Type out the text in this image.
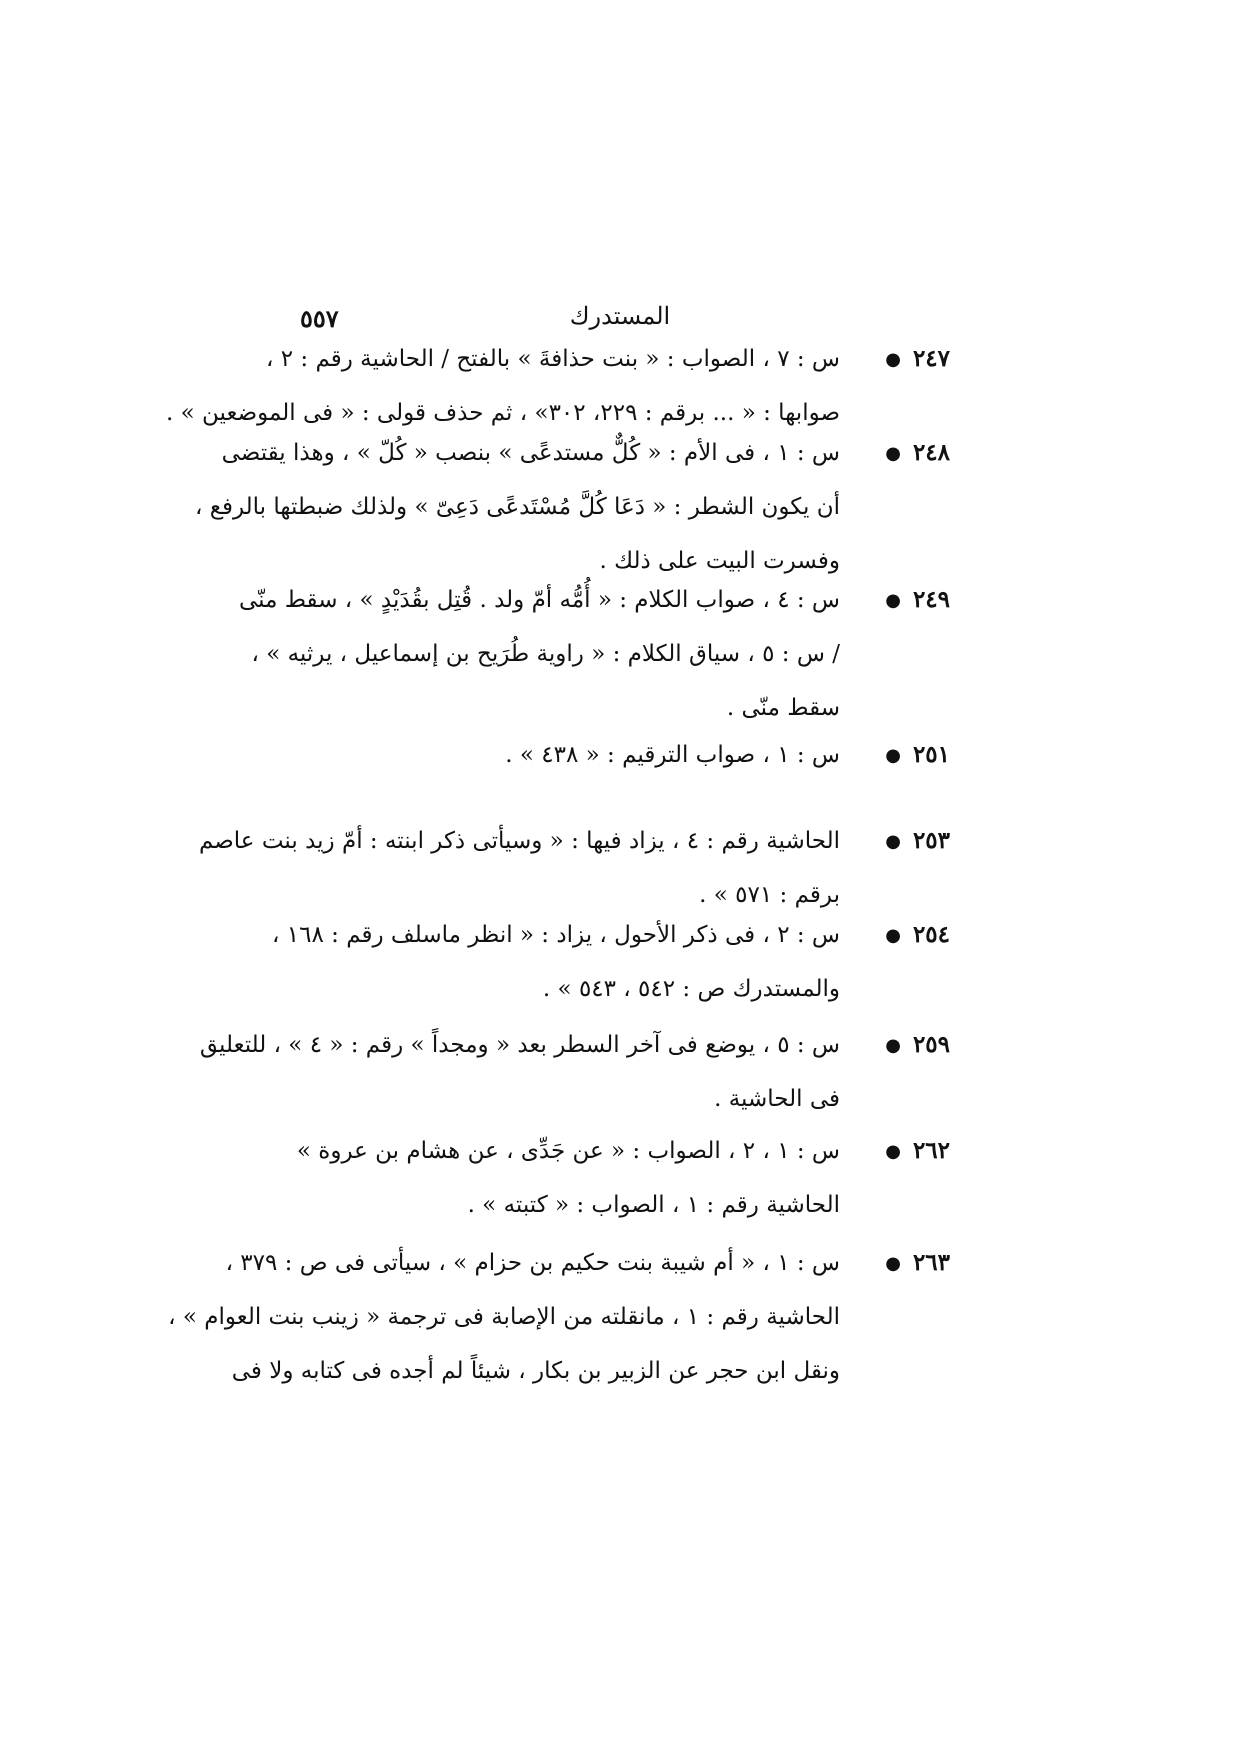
٥٥٧	المستدرك
٢٤٧●
س : ٧ ، الصواب : « بنت حذافةَ » بالفتح / الحاشية رقم : ٢ ،
صوابها : « ... برقم : ٢٢٩، ٣٠٢» ، ثم حذف قولى : « فى الموضعين » .
٢٤٨●
س : ١ ، فى الأم : « كُلٌّ مستدعًى » بنصب « كُلّ » ، وهذا يقتضى
أن يكون الشطر : « دَعَا كُلَّ مُسْتَدعًى دَعِىّ » ولذلك ضبطتها بالرفع ،
وفسرت البيت على ذلك .
٢٤٩●
س : ٤ ، صواب الكلام : « أُمُّه أمّ ولد . قُتِل بقُدَيْدٍ » ، سقط منّى
/ س : ٥ ، سياق الكلام : « راوية طُرَيح بن إسماعيل ، يرثيه » ،
سقط منّى .
٢٥١●
س : ١ ، صواب الترقيم : « ٤٣٨ » .
٢٥٣●
الحاشية رقم : ٤ ، يزاد فيها : « وسيأتى ذكر ابنته : أمّ زيد بنت عاصم
برقم : ٥٧١ » .
٢٥٤●
س : ٢ ، فى ذكر الأحول ، يزاد : « انظر ماسلف رقم : ١٦٨ ،
والمستدرك ص : ٥٤٢ ، ٥٤٣ » .
٢٥٩●
س : ٥ ، يوضع فى آخر السطر بعد « ومجداً » رقم : « ٤ » ، للتعليق
فى الحاشية .
٢٦٢●
س : ١ ، ٢ ، الصواب : « عن جَدِّى ، عن هشام بن عروة »
الحاشية رقم : ١ ، الصواب : « كتبته » .
٢٦٣●
س : ١ ، « أم شيبة بنت حكيم بن حزام » ، سيأتى فى ص : ٣٧٩ ،
الحاشية رقم : ١ ، مانقلته من الإصابة فى ترجمة « زينب بنت العوام » ،
ونقل ابن حجر عن الزبير بن بكار ، شيئاً لم أجده فى كتابه ولا فى
